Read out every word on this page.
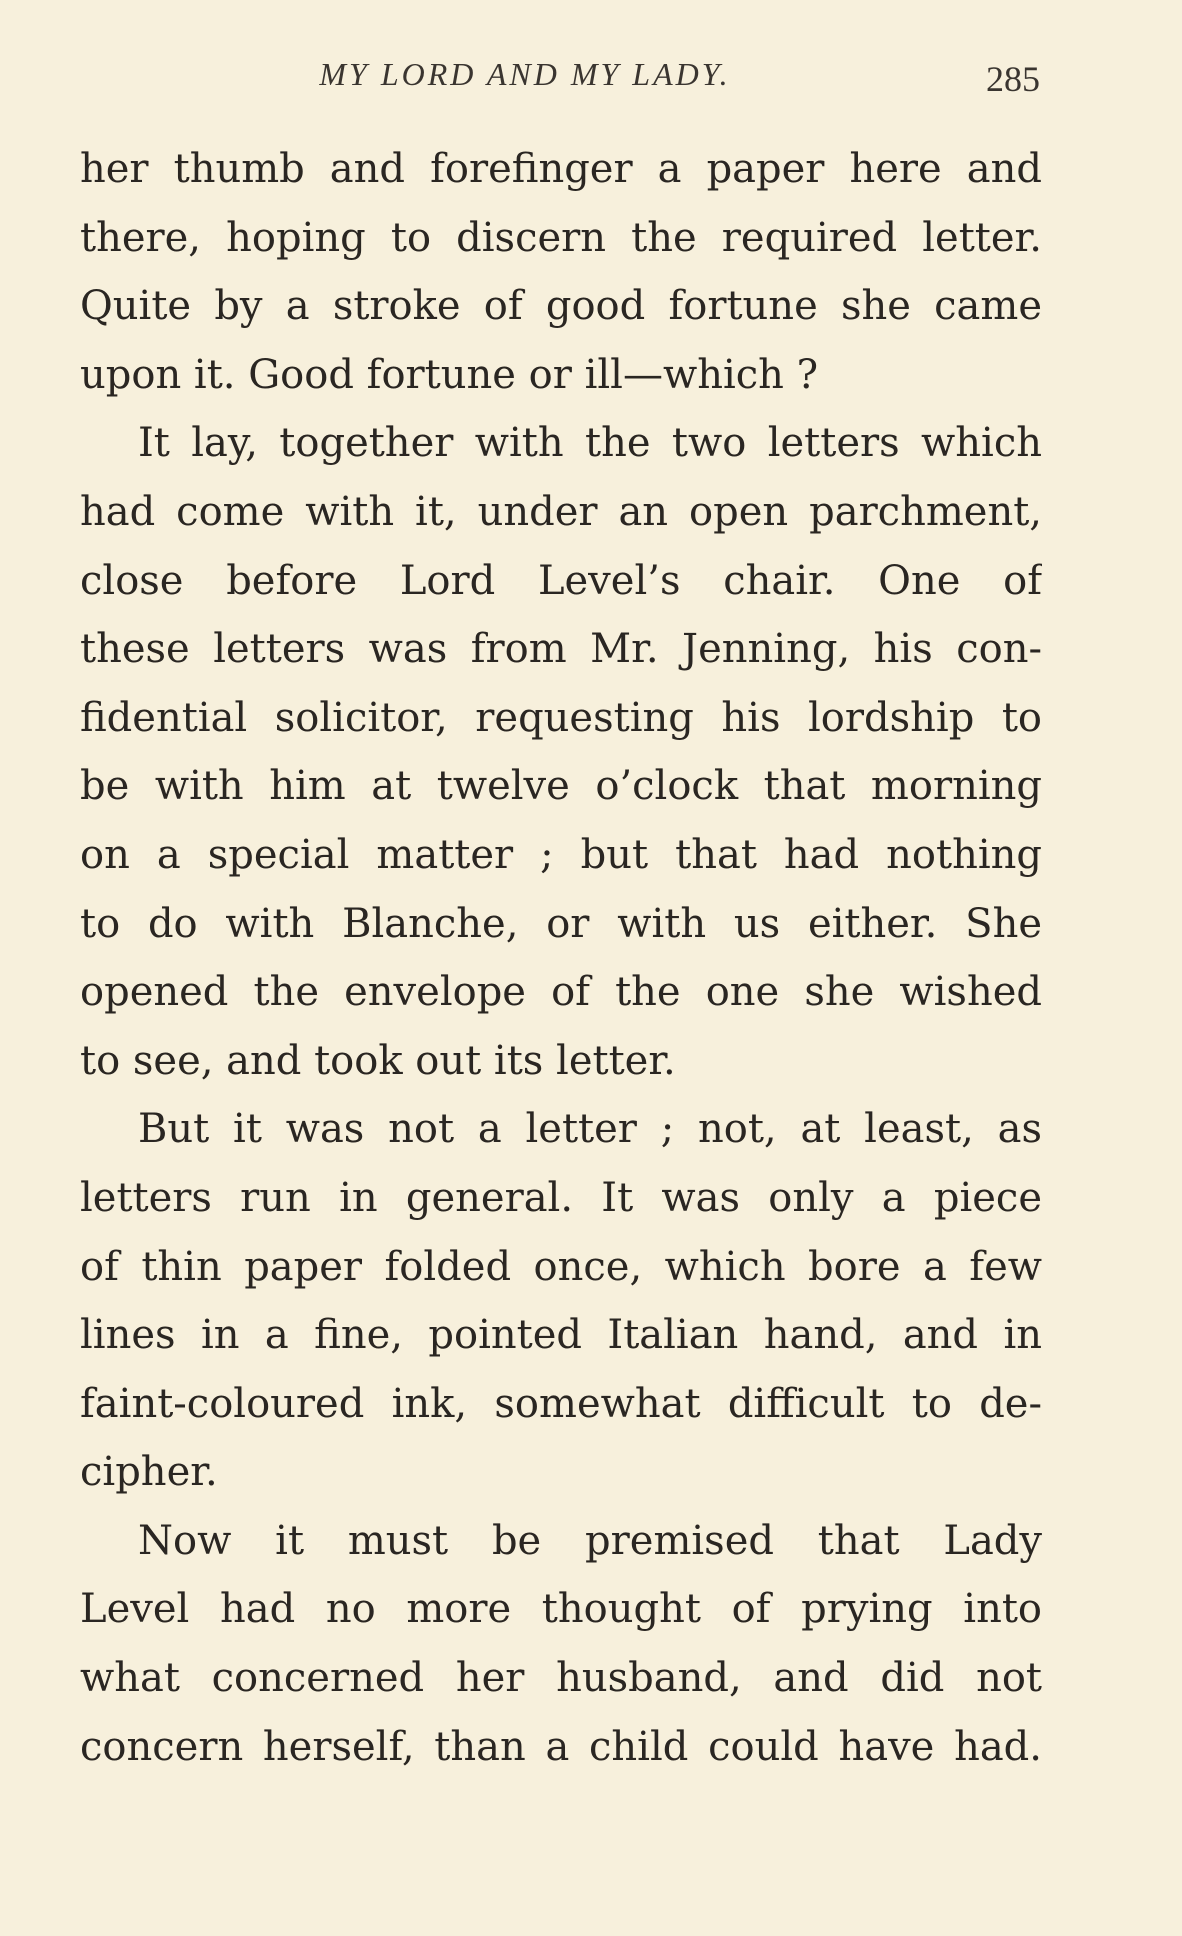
MY LORD AND MY LADY.	285
her thumb and forefinger a paper here and
there, hoping to discern the required letter.
Quite by a stroke of good fortune she came
upon it. Good fortune or ill—which ?
It lay, together with the two letters which
had come with it, under an open parchment,
close before Lord Level’s chair. One of
these letters was from Mr. Jenning, his con-
fidential solicitor, requesting his lordship to
be with him at twelve o’clock that morning
on a special matter ; but that had nothing
to do with Blanche, or with us either. She
opened the envelope of the one she wished
to see, and took out its letter.
But it was not a letter ; not, at least, as
letters run in general. It was only a piece
of thin paper folded once, which bore a few
lines in a fine, pointed Italian hand, and in
faint-coloured ink, somewhat difficult to de-
cipher.
Now it must be premised that Lady
Level had no more thought of prying into
what concerned her husband, and did not
concern herself, than a child could have had.
